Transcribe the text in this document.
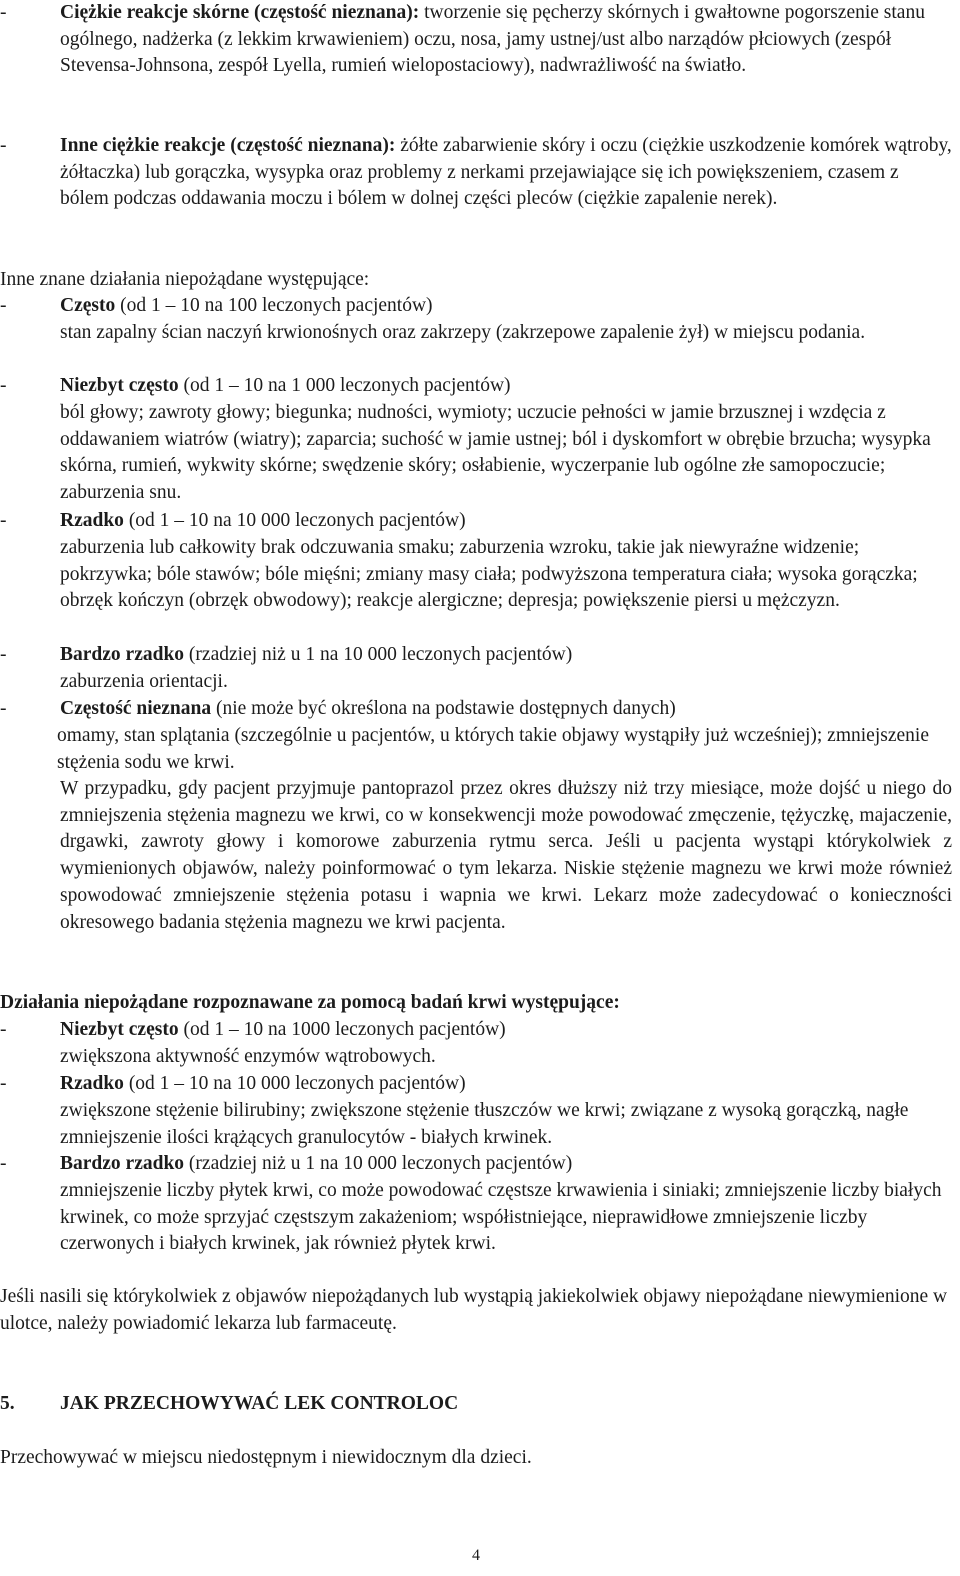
-	Ciężkie reakcje skórne (częstość nieznana): tworzenie się pęcherzy skórnych i gwałtowne pogorszenie stanu ogólnego, nadżerka (z lekkim krwawieniem) oczu, nosa, jamy ustnej/ust albo narządów płciowych (zespół Stevensa-Johnsona, zespół Lyella, rumień wielopostaciowy), nadwrażliwość na światło.

-	Inne ciężkie reakcje (częstość nieznana): żółte zabarwienie skóry i oczu (ciężkie uszkodzenie komórek wątroby, żółtaczka) lub gorączka, wysypka oraz problemy z nerkami przejawiające się ich powiększeniem, czasem z bólem podczas oddawania moczu i bólem w dolnej części pleców (ciężkie zapalenie nerek).

Inne znane działania niepożądane występujące:

-	Często (od 1 – 10 na 100 leczonych pacjentów)

stan zapalny ścian naczyń krwionośnych oraz zakrzepy (zakrzepowe zapalenie żył) w miejscu podania.

-	Niezbyt często (od 1 – 10 na 1 000 leczonych pacjentów)

ból głowy; zawroty głowy; biegunka; nudności, wymioty; uczucie pełności w jamie brzusznej i wzdęcia z oddawaniem wiatrów (wiatry); zaparcia; suchość w jamie ustnej; ból i dyskomfort w obrębie brzucha; wysypka skórna, rumień, wykwity skórne; swędzenie skóry; osłabienie, wyczerpanie lub ogólne złe samopoczucie; zaburzenia snu.

-	Rzadko (od 1 – 10 na 10 000 leczonych pacjentów)

zaburzenia lub całkowity brak odczuwania smaku; zaburzenia wzroku, takie jak niewyraźne widzenie; pokrzywka; bóle stawów; bóle mięśni; zmiany masy ciała; podwyższona temperatura ciała; wysoka gorączka; obrzęk kończyn (obrzęk obwodowy); reakcje alergiczne; depresja; powiększenie piersi u mężczyzn.

-	Bardzo rzadko (rzadziej niż u 1 na 10 000 leczonych pacjentów)

zaburzenia orientacji.

-	Częstość nieznana (nie może być określona na podstawie dostępnych danych)

omamy, stan splątania (szczególnie u pacjentów, u których takie objawy wystąpiły już wcześniej); zmniejszenie stężenia sodu we krwi.

W przypadku, gdy pacjent przyjmuje pantoprazol przez okres dłuższy niż trzy miesiące, może dojść u niego do zmniejszenia stężenia magnezu we krwi, co w konsekwencji może powodować zmęczenie, tężyczkę, majaczenie, drgawki, zawroty głowy i komorowe zaburzenia rytmu serca. Jeśli u pacjenta wystąpi którykolwiek z wymienionych objawów, należy poinformować o tym lekarza. Niskie stężenie magnezu we krwi może również spowodować zmniejszenie stężenia potasu i wapnia we krwi. Lekarz może zadecydować o konieczności okresowego badania stężenia magnezu we krwi pacjenta.

Działania niepożądane rozpoznawane za pomocą badań krwi występujące:

-	Niezbyt często (od 1 – 10 na 1000 leczonych pacjentów)

zwiększona aktywność enzymów wątrobowych.

-	Rzadko (od 1 – 10 na 10 000 leczonych pacjentów)

zwiększone stężenie bilirubiny; zwiększone stężenie tłuszczów we krwi; związane z wysoką gorączką, nagłe zmniejszenie ilości krążących granulocytów - białych krwinek.

-	Bardzo rzadko (rzadziej niż u 1 na 10 000 leczonych pacjentów)

zmniejszenie liczby płytek krwi, co może powodować częstsze krwawienia i siniaki; zmniejszenie liczby białych krwinek, co może sprzyjać częstszym zakażeniom; współistniejące, nieprawidłowe zmniejszenie liczby czerwonych i białych krwinek, jak również płytek krwi.

Jeśli nasili się którykolwiek z objawów niepożądanych lub wystąpią jakiekolwiek objawy niepożądane niewymienione w ulotce, należy powiadomić lekarza lub farmaceutę.

5. JAK PRZECHOWYWAĆ LEK CONTROLOC

Przechowywać w miejscu niedostępnym i niewidocznym dla dzieci.

4
